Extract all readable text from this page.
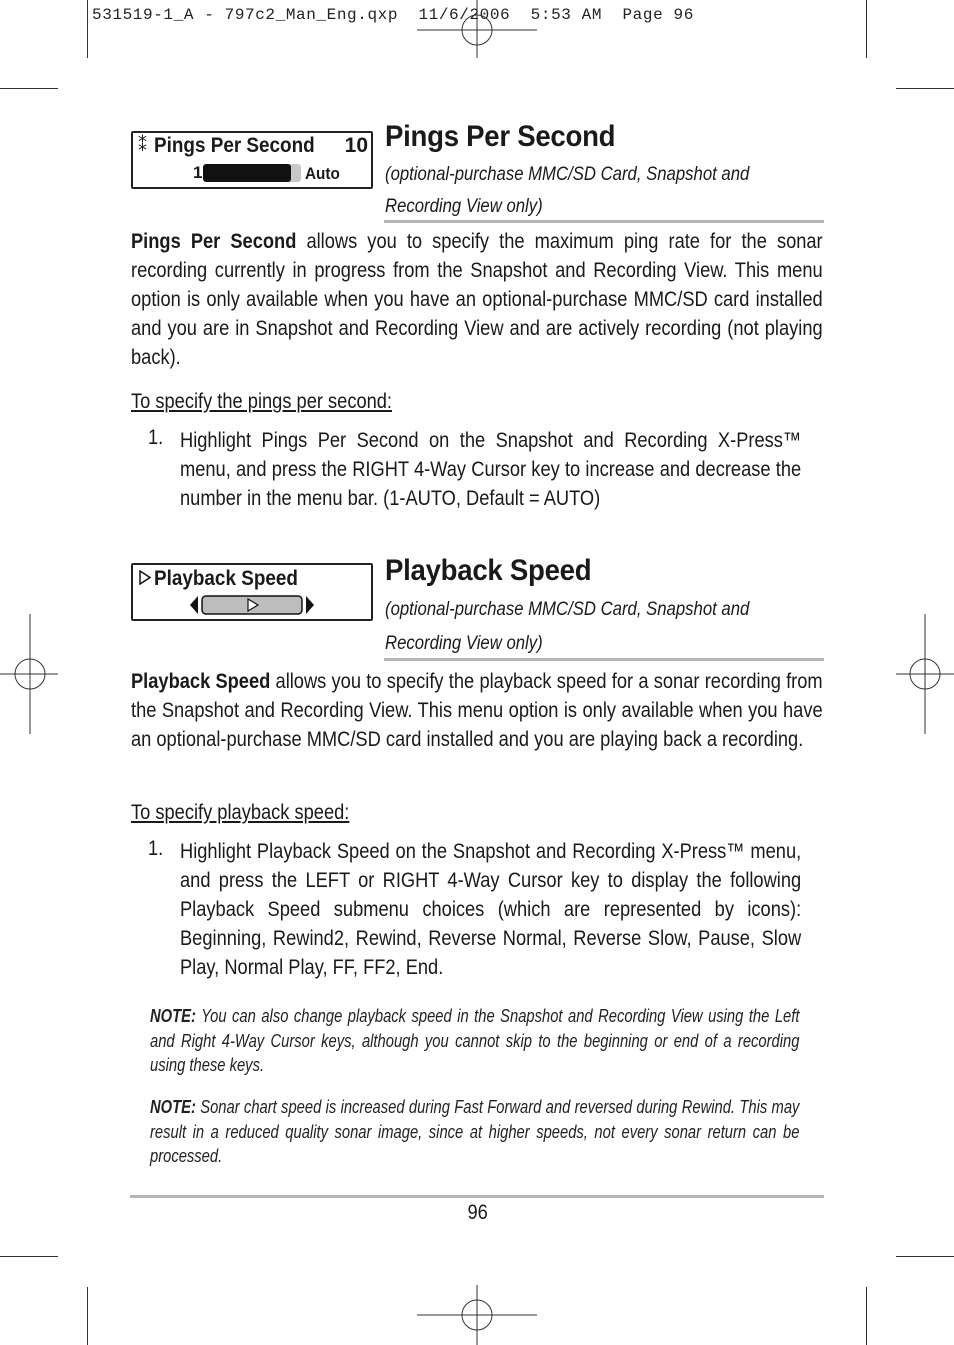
531519-1_A - 797c2_Man_Eng.qxp  11/6/2006  5:53 AM  Page 96
⁑ Pings Per Second 10
1	Auto
Pings Per Second
(optional-purchase MMC/SD Card, Snapshot and
Recording View only)
Pings Per Second allows you to specify the maximum ping rate for the sonar recording currently in progress from the Snapshot and Recording View. This menu option is only available when you have an optional-purchase MMC/SD card installed and you are in Snapshot and Recording View and are actively recording (not playing back).
To specify the pings per second:
1. Highlight Pings Per Second on the Snapshot and Recording X-Press™ menu, and press the RIGHT 4-Way Cursor key to increase and decrease the number in the menu bar. (1-AUTO, Default = AUTO)
Playback Speed	Playback Speed
(optional-purchase MMC/SD Card, Snapshot and
Recording View only)
Playback Speed allows you to specify the playback speed for a sonar recording from the Snapshot and Recording View. This menu option is only available when you have an optional-purchase MMC/SD card installed and you are playing back a recording.
To specify playback speed:
1. Highlight Playback Speed on the Snapshot and Recording X-Press™ menu, and press the LEFT or RIGHT 4-Way Cursor key to display the following Playback Speed submenu choices (which are represented by icons): Beginning, Rewind2, Rewind, Reverse Normal, Reverse Slow, Pause, Slow Play, Normal Play, FF, FF2, End.
NOTE: You can also change playback speed in the Snapshot and Recording View using the Left and Right 4-Way Cursor keys, although you cannot skip to the beginning or end of a recording using these keys.
NOTE: Sonar chart speed is increased during Fast Forward and reversed during Rewind. This may result in a reduced quality sonar image, since at higher speeds, not every sonar return can be processed.
96
